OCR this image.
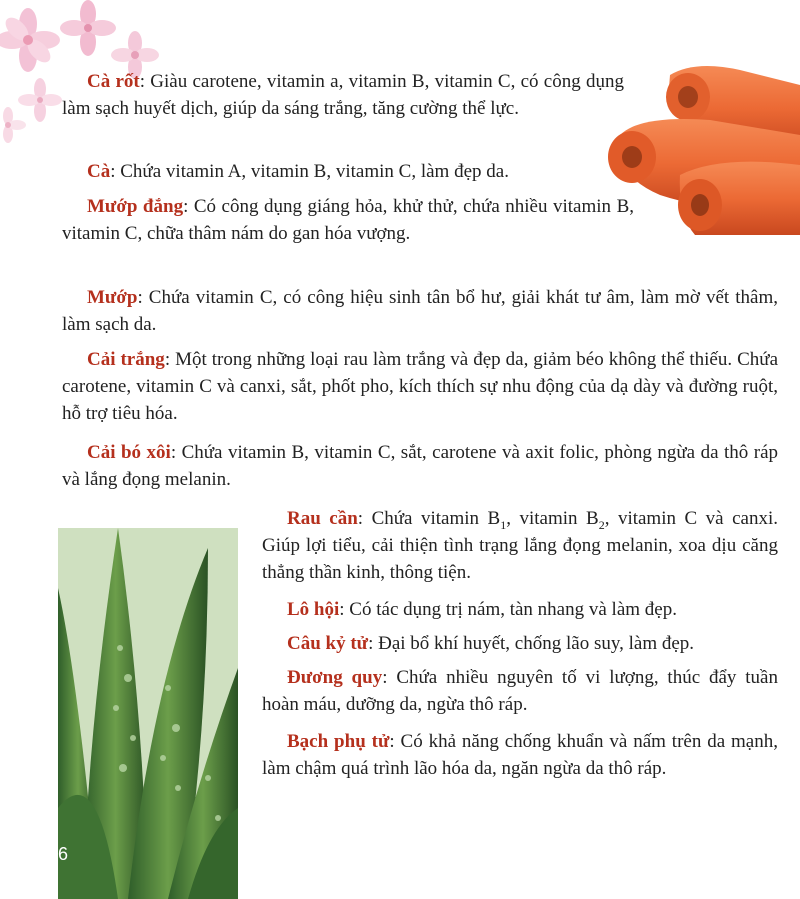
6

Cà rốt: Giàu carotene, vitamin a, vitamin B, vitamin C, có công dụng làm sạch huyết dịch, giúp da sáng trắng, tăng cường thể lực.

Cà: Chứa vitamin A, vitamin B, vitamin C, làm đẹp da.

Mướp đắng: Có công dụng giáng hỏa, khử thử, chứa nhiều vitamin B, vitamin C, chữa thâm nám do gan hóa vượng.

Mướp: Chứa vitamin C, có công hiệu sinh tân bổ hư, giải khát tư âm, làm mờ vết thâm, làm sạch da.

Cải trắng: Một trong những loại rau làm trắng và đẹp da, giảm béo không thể thiếu. Chứa carotene, vitamin C và canxi, sắt, phốt pho, kích thích sự nhu động của dạ dày và đường ruột, hỗ trợ tiêu hóa.

Cải bó xôi: Chứa vitamin B, vitamin C, sắt, carotene và axit folic, phòng ngừa da thô ráp và lắng đọng melanin.

Rau cần: Chứa vitamin $B_1$, vitamin $B_2$, vitamin C và canxi. Giúp lợi tiểu, cải thiện tình trạng lắng đọng melanin, xoa dịu căng thẳng thần kinh, thông tiện.

Lô hội: Có tác dụng trị nám, tàn nhang và làm đẹp.

Câu kỷ tử: Đại bổ khí huyết, chống lão suy, làm đẹp.

Đương quy: Chứa nhiều nguyên tố vi lượng, thúc đẩy tuần hoàn máu, dưỡng da, ngừa thô ráp.

Bạch phụ tử: Có khả năng chống khuẩn và nấm trên da mạnh, làm chậm quá trình lão hóa da, ngăn ngừa da thô ráp.
